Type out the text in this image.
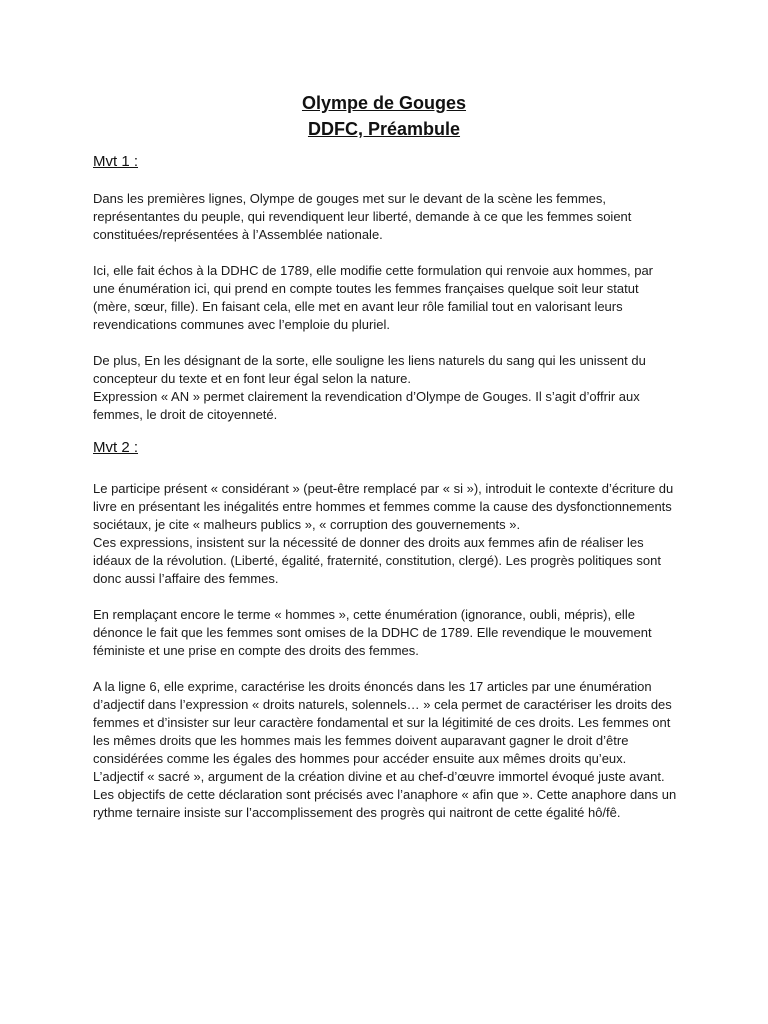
Olympe de Gouges
DDFC, Préambule

Mvt 1 :

Dans les premières lignes, Olympe de gouges met sur le devant de la scène les femmes, représentantes du peuple, qui revendiquent leur liberté, demande à ce que les femmes soient constituées/représentées à l’Assemblée nationale.

Ici, elle fait échos à la DDHC de 1789, elle modifie cette formulation qui renvoie aux hommes, par une énumération ici, qui prend en compte toutes les femmes françaises quelque soit leur statut (mère, sœur, fille). En faisant cela, elle met en avant leur rôle familial tout en valorisant leurs revendications communes avec l’emploie du pluriel.

De plus, En les désignant de la sorte, elle souligne les liens naturels du sang qui les unissent du concepteur du texte et en font leur égal selon la nature.
Expression « AN » permet clairement la revendication d’Olympe de Gouges. Il s’agit d’offrir aux femmes, le droit de citoyenneté.

Mvt 2 :

Le participe présent « considérant » (peut-être remplacé par « si »), introduit le contexte d’écriture du livre en présentant les inégalités entre hommes et femmes comme la cause des dysfonctionnements sociétaux, je cite « malheurs publics », « corruption des gouvernements ».
Ces expressions, insistent sur la nécessité de donner des droits aux femmes afin de réaliser les idéaux de la révolution. (Liberté, égalité, fraternité, constitution, clergé). Les progrès politiques sont donc aussi l’affaire des femmes.

En remplaçant encore le terme « hommes », cette énumération (ignorance, oubli, mépris), elle dénonce le fait que les femmes sont omises de la DDHC de 1789. Elle revendique le mouvement féministe et une prise en compte des droits des femmes.

A la ligne 6, elle exprime, caractérise les droits énoncés dans les 17 articles par une énumération d’adjectif dans l’expression « droits naturels, solennels… » cela permet de caractériser les droits des femmes et d’insister sur leur caractère fondamental et sur la légitimité de ces droits. Les femmes ont les mêmes droits que les hommes mais les femmes doivent auparavant gagner le droit d’être considérées comme les égales des hommes pour accéder ensuite aux mêmes droits qu’eux.
L’adjectif « sacré », argument de la création divine et au chef-d’œuvre immortel évoqué juste avant.
Les objectifs de cette déclaration sont précisés avec l’anaphore « afin que ». Cette anaphore dans un rythme ternaire insiste sur l’accomplissement des progrès qui naitront de cette égalité hô/fê.
